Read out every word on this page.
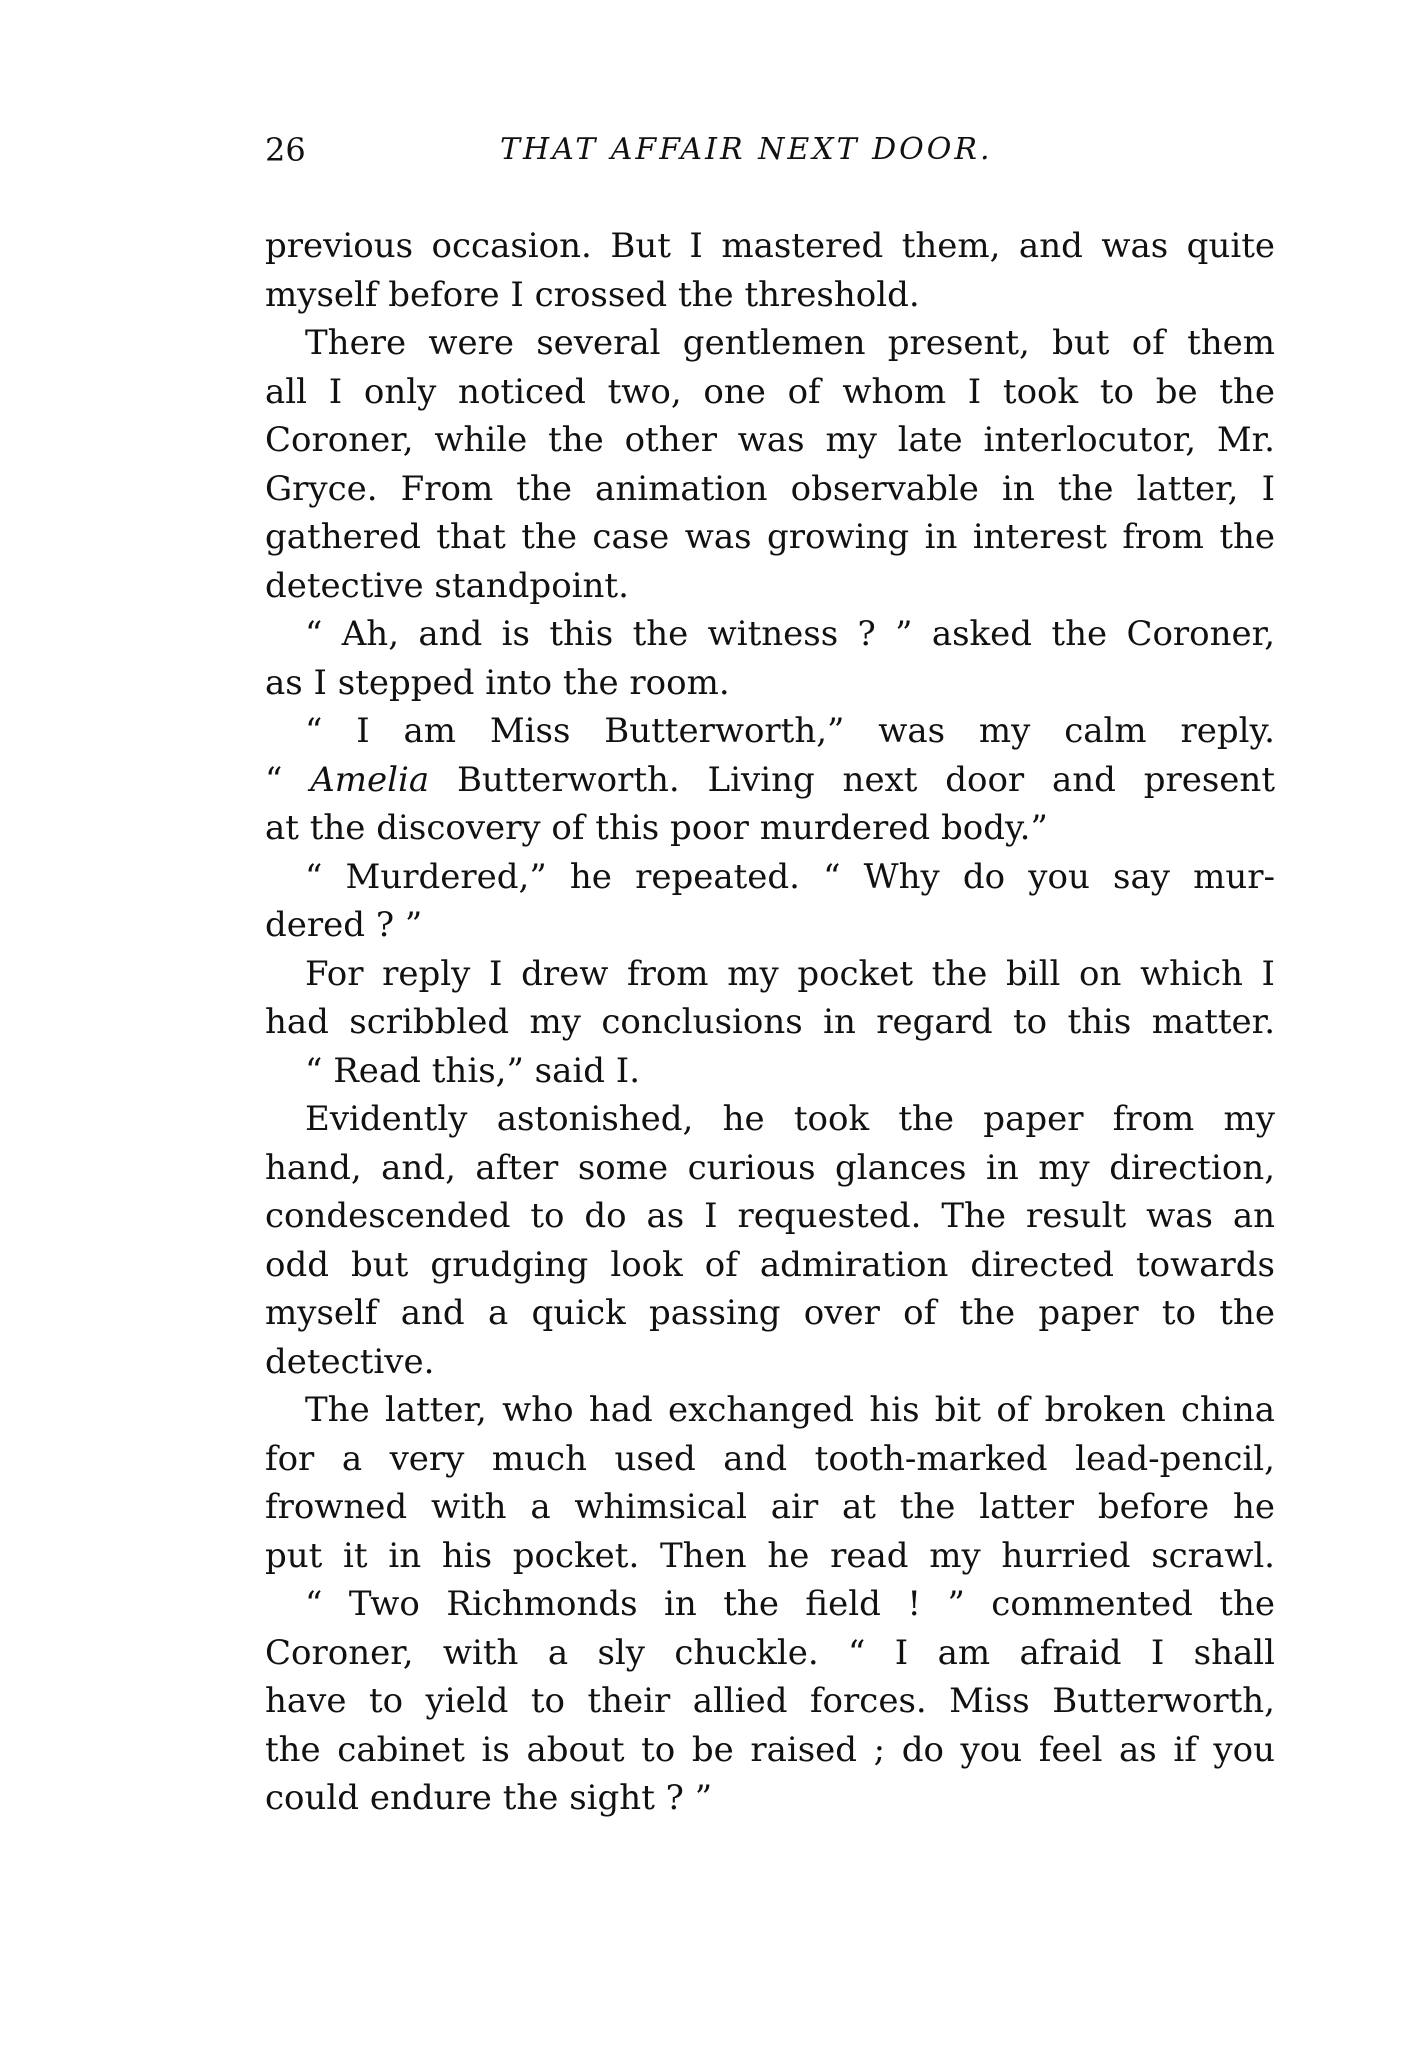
26	THAT AFFAIR NEXT DOOR.
previous occasion. But I mastered them, and was quite
myself before I crossed the threshold.
There were several gentlemen present, but of them
all I only noticed two, one of whom I took to be the
Coroner, while the other was my late interlocutor, Mr.
Gryce. From the animation observable in the latter, I
gathered that the case was growing in interest from the
detective standpoint.
“ Ah, and is this the witness ? ” asked the Coroner,
as I stepped into the room.
“ I am Miss Butterworth,” was my calm reply.
“ Amelia Butterworth. Living next door and present
at the discovery of this poor murdered body.”
“ Murdered,” he repeated. “ Why do you say mur-
dered ? ”
For reply I drew from my pocket the bill on which I
had scribbled my conclusions in regard to this matter.
“ Read this,” said I.
Evidently astonished, he took the paper from my
hand, and, after some curious glances in my direction,
condescended to do as I requested. The result was an
odd but grudging look of admiration directed towards
myself and a quick passing over of the paper to the
detective.
The latter, who had exchanged his bit of broken china
for a very much used and tooth-marked lead-pencil,
frowned with a whimsical air at the latter before he
put it in his pocket. Then he read my hurried scrawl.
“ Two Richmonds in the field ! ” commented the
Coroner, with a sly chuckle. “ I am afraid I shall
have to yield to their allied forces. Miss Butterworth,
the cabinet is about to be raised ; do you feel as if you
could endure the sight ? ”
